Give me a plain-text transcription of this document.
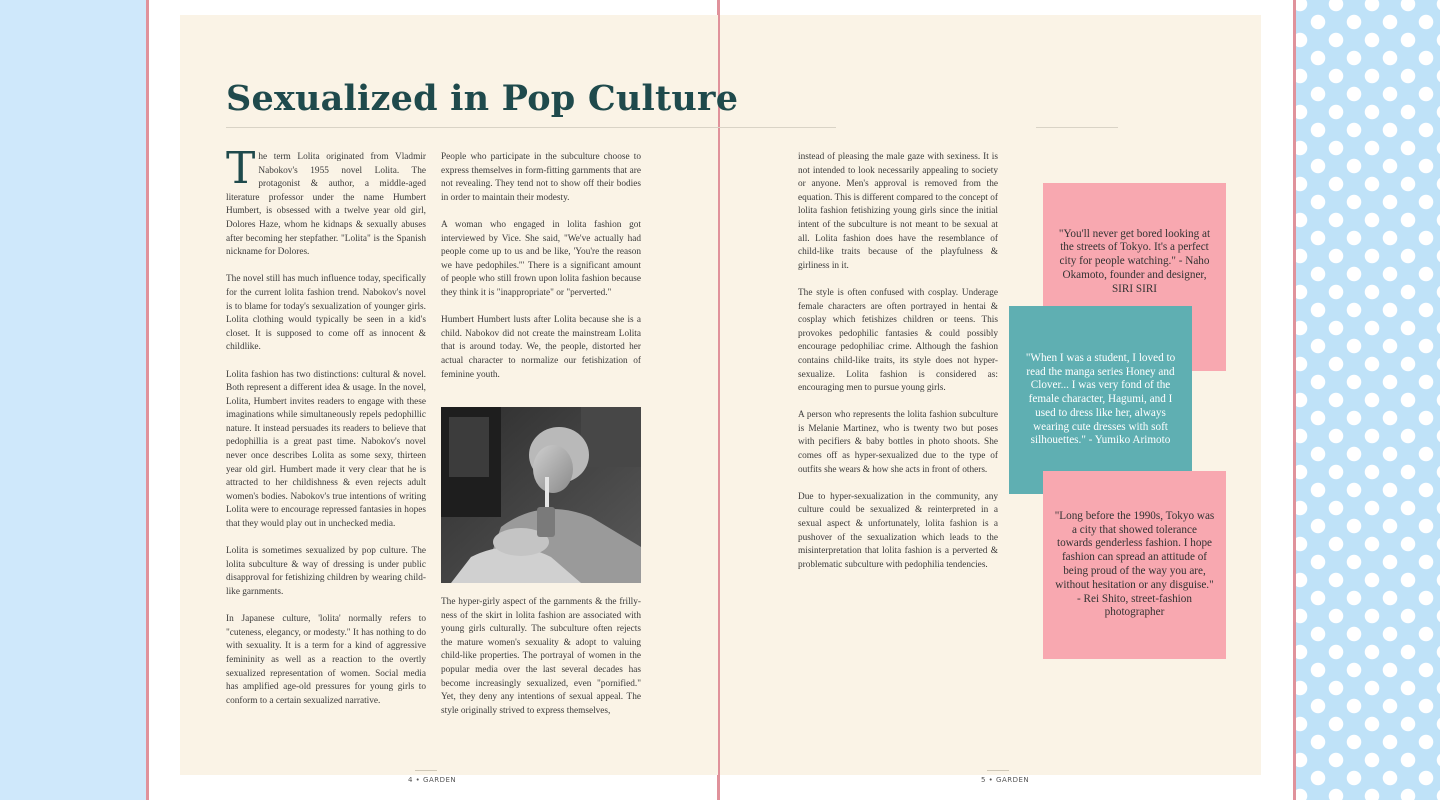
Sexualized in Pop Culture

The term Lolita originated from Vladmir Nabokov's 1955 novel Lolita. The protagonist & author, a middle-aged literature professor under the name Humbert Humbert, is obsessed with a twelve year old girl, Dolores Haze, whom he kidnaps & sexually abuses after becoming her stepfather. "Lolita" is the Spanish nickname for Dolores.

The novel still has much influence today, specifically for the current lolita fashion trend. Nabokov's novel is to blame for today's sexualization of younger girls. Lolita clothing would typically be seen in a kid's closet. It is supposed to come off as innocent & childlike.

Lolita fashion has two distinctions: cultural & novel. Both represent a different idea & usage. In the novel, Lolita, Humbert invites readers to engage with these imaginations while simultaneously repels pedophillic nature. It instead persuades its readers to believe that pedophillia is a great past time. Nabokov's novel never once describes Lolita as some sexy, thirteen year old girl. Humbert made it very clear that he is attracted to her childishness & even rejects adult women's bodies. Nabokov's true intentions of writing Lolita were to encourage repressed fantasies in hopes that they would play out in unchecked media.

Lolita is sometimes sexualized by pop culture. The lolita subculture & way of dressing is under public disapproval for fetishizing children by wearing child-like garnments.

In Japanese culture, 'lolita' normally refers to "cuteness, elegancy, or modesty." It has nothing to do with sexuality. It is a term for a kind of aggressive femininity as well as a reaction to the overtly sexualized representation of women. Social media has amplified age-old pressures for young girls to conform to a certain sexualized narrative.

People who participate in the subculture choose to express themselves in form-fitting garnments that are not revealing. They tend not to show off their bodies in order to maintain their modesty.

A woman who engaged in lolita fashion got interviewed by Vice. She said, "We've actually had people come up to us and be like, 'You're the reason we have pedophiles.'" There is a significant amount of people who still frown upon lolita fashion because they think it is "inappropriate" or "perverted."

Humbert Humbert lusts after Lolita because she is a child. Nabokov did not create the mainstream Lolita that is around today. We, the people, distorted her actual character to normalize our fetishization of feminine youth.

The hyper-girly aspect of the garnments & the frilly-ness of the skirt in lolita fashion are associated with young girls culturally. The subculture often rejects the mature women's sexuality & adopt to valuing child-like properties. The portrayal of women in the popular media over the last several decades has become increasingly sexualized, even "pornified." Yet, they deny any intentions of sexual appeal. The style originally strived to express themselves,

instead of pleasing the male gaze with sexiness. It is not intended to look necessarily appealing to society or anyone. Men's approval is removed from the equation. This is different compared to the concept of lolita fashion fetishizing young girls since the initial intent of the subculture is not meant to be sexual at all. Lolita fashion does have the resemblance of child-like traits because of the playfulness & girliness in it.

The style is often confused with cosplay. Underage female characters are often portrayed in hentai & cosplay which fetishizes children or teens. This provokes pedophilic fantasies & could possibly encourage pedophiliac crime. Although the fashion contains child-like traits, its style does not hyper-sexualize. Lolita fashion is considered as: encouraging men to pursue young girls.

A person who represents the lolita fashion subculture is Melanie Martinez, who is twenty two but poses with pecifiers & baby bottles in photo shoots. She comes off as hyper-sexualized due to the type of outfits she wears & how she acts in front of others.

Due to hyper-sexualization in the community, any culture could be sexualized & reinterpreted in a sexual aspect & unfortunately, lolita fashion is a pushover of the sexualization which leads to the misinterpretation that lolita fashion is a perverted & problematic subculture with pedophilia tendencies.

"You'll never get bored looking at the streets of Tokyo. It's a perfect city for people watching." - Naho Okamoto, founder and designer, SIRI SIRI
"When I was a student, I loved to read the manga series Honey and Clover... I was very fond of the female character, Hagumi, and I used to dress like her, always wearing cute dresses with soft silhouettes." - Yumiko Arimoto
"Long before the 1990s, Tokyo was a city that showed tolerance towards genderless fashion. I hope fashion can spread an attitude of being proud of the way you are, without hesitation or any disguise." - Rei Shito, street-fashion photographer
4 • GARDEN	5 • GARDEN
